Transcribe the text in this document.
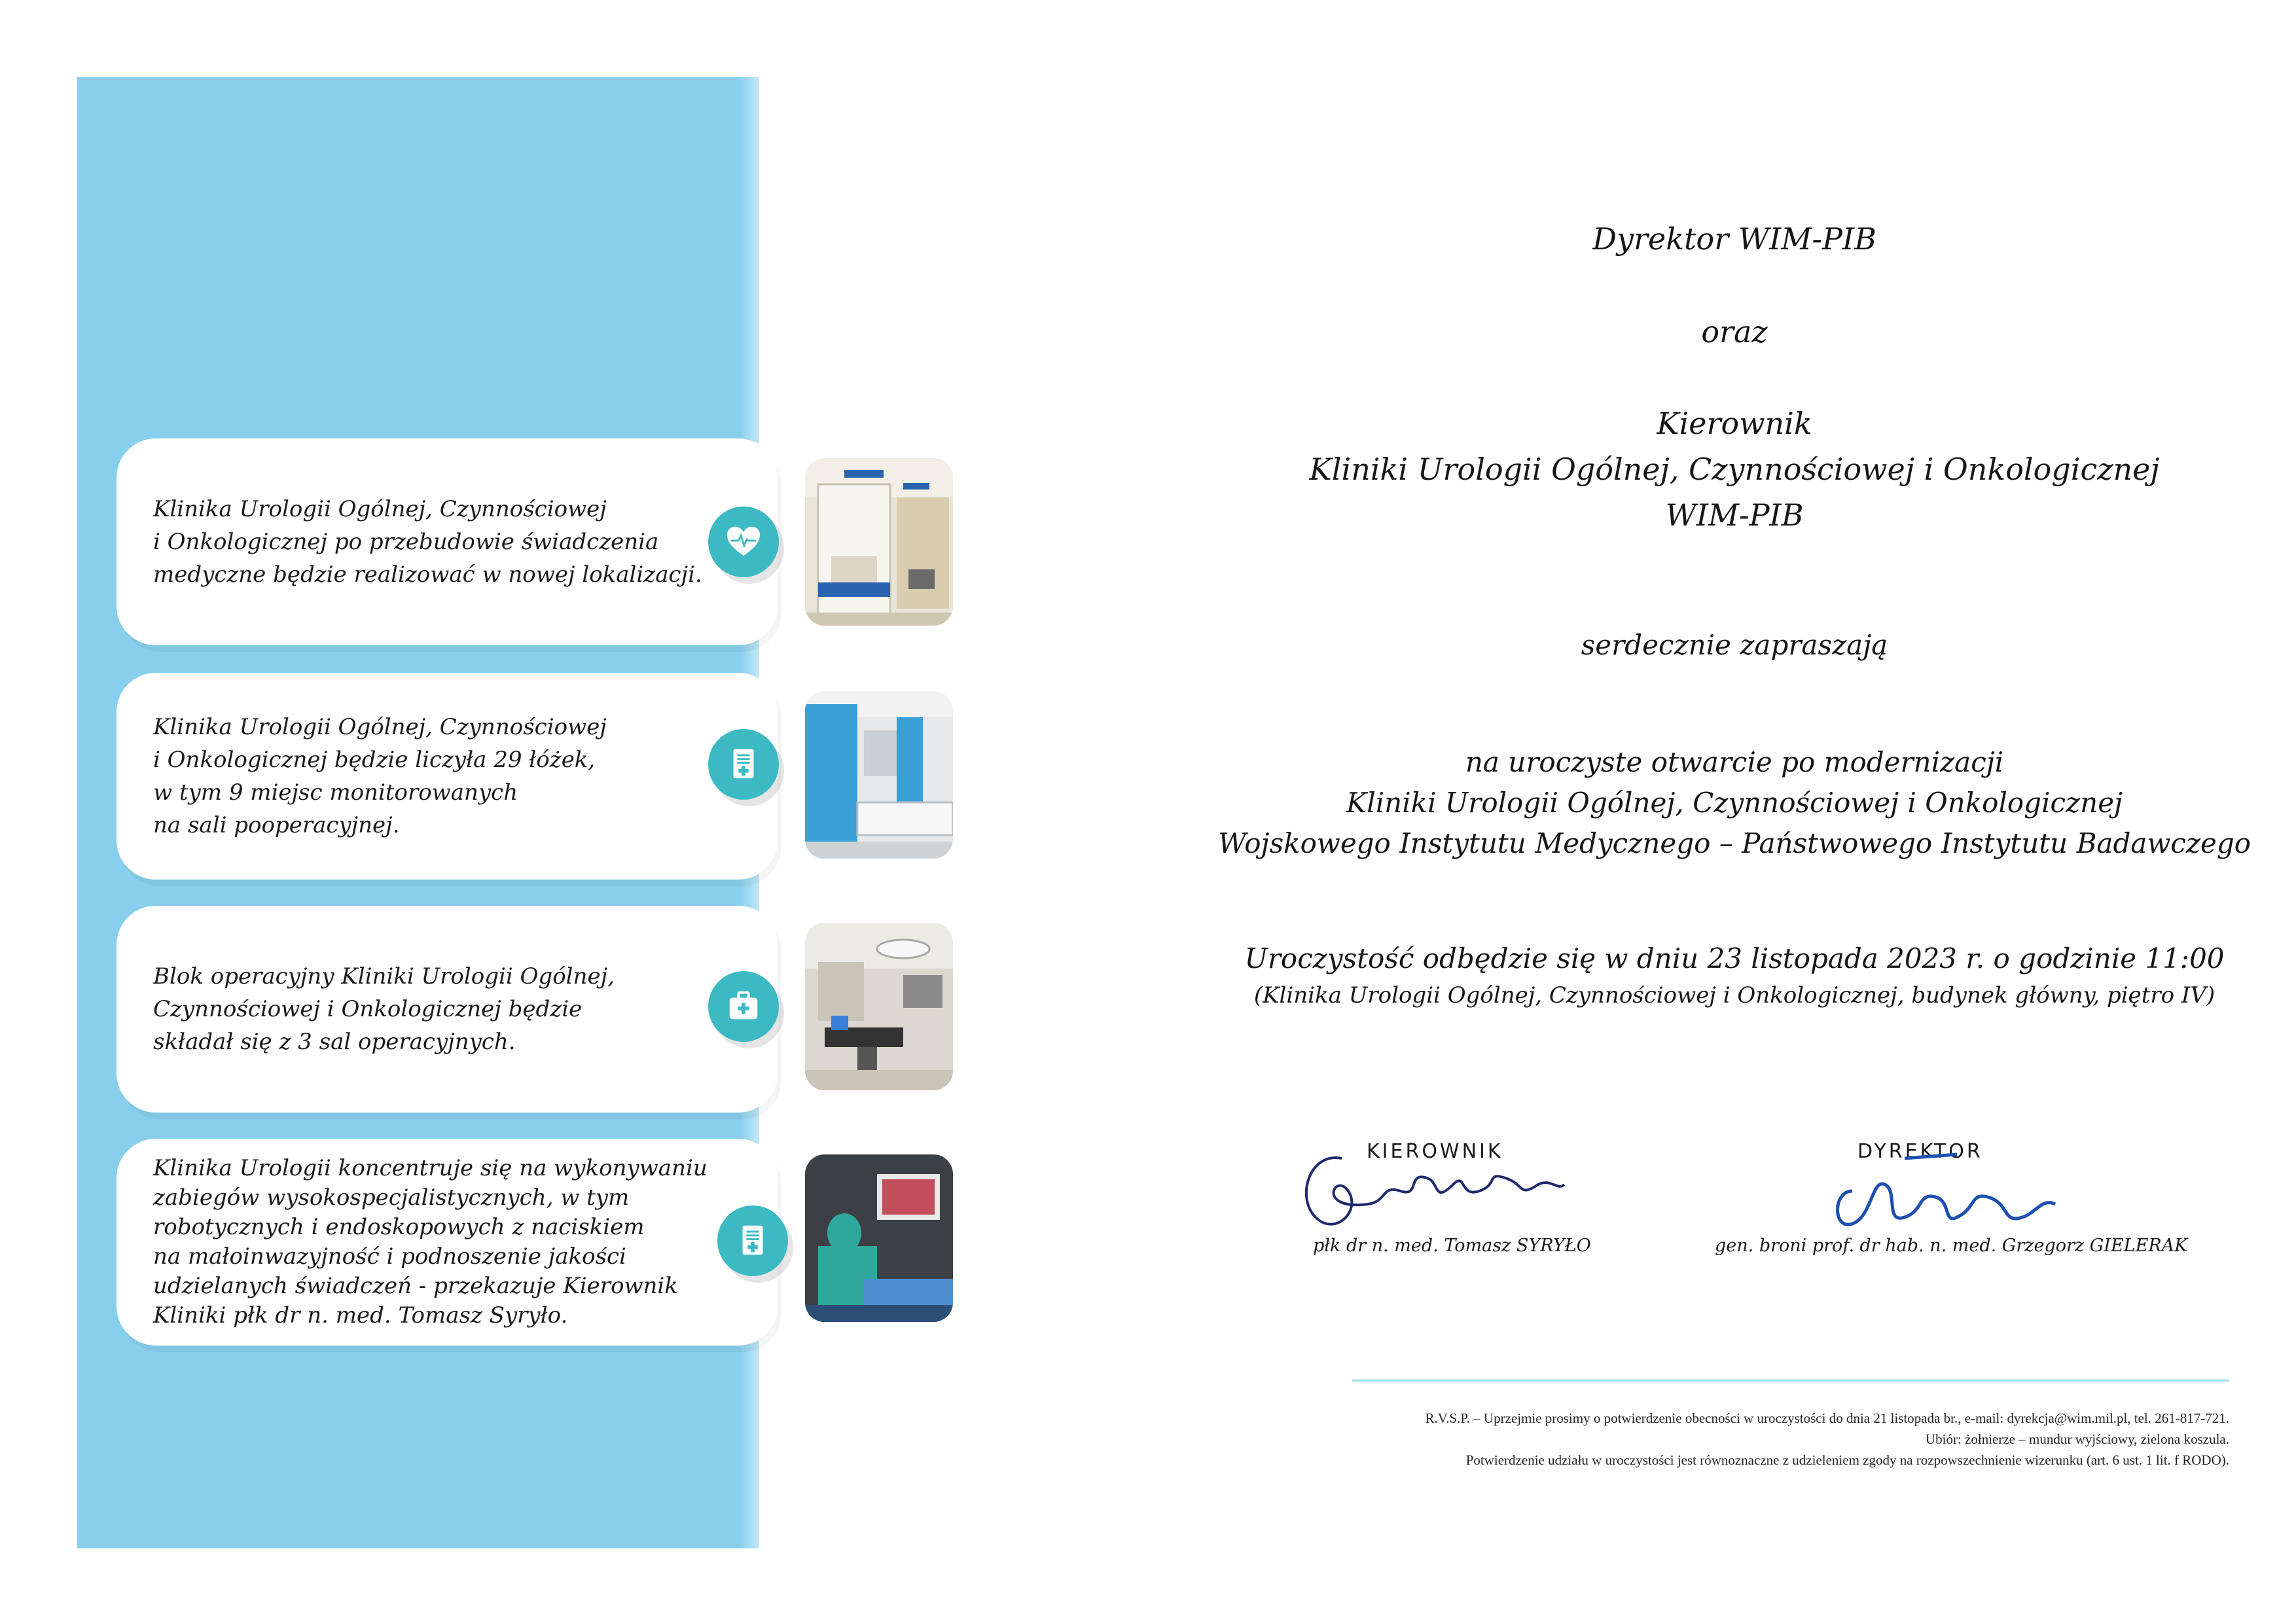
Klinika Urologii Ogólnej, Czynnościowej
i Onkologicznej po przebudowie świadczenia
medyczne będzie realizować w nowej lokalizacji.
Klinika Urologii Ogólnej, Czynnościowej
i Onkologicznej będzie liczyła 29 łóżek,
w tym 9 miejsc monitorowanych
na sali pooperacyjnej.
Blok operacyjny Kliniki Urologii Ogólnej,
Czynnościowej i Onkologicznej będzie
składał się z 3 sal operacyjnych.
Klinika Urologii koncentruje się na wykonywaniu
zabiegów wysokospecjalistycznych, w tym
robotycznych i endoskopowych z naciskiem
na małoinwazyjność i podnoszenie jakości
udzielanych świadczeń - przekazuje Kierownik
Kliniki płk dr n. med. Tomasz Syryło.
Dyrektor WIM-PIB
oraz
Kierownik
Kliniki Urologii Ogólnej, Czynnościowej i Onkologicznej
WIM-PIB
serdecznie zapraszają
na uroczyste otwarcie po modernizacji
Kliniki Urologii Ogólnej, Czynnościowej i Onkologicznej
Wojskowego Instytutu Medycznego – Państwowego Instytutu Badawczego
Uroczystość odbędzie się w dniu 23 listopada 2023 r. o godzinie 11:00
(Klinika Urologii Ogólnej, Czynnościowej i Onkologicznej, budynek główny, piętro IV)
KIEROWNIK
płk dr n. med. Tomasz SYRYŁO
DYREKTOR
gen. broni prof. dr hab. n. med. Grzegorz GIELERAK
R.V.S.P. – Uprzejmie prosimy o potwierdzenie obecności w uroczystości do dnia 21 listopada br., e-mail: dyrekcja@wim.mil.pl, tel. 261-817-721.
Ubiór: żołnierze – mundur wyjściowy, zielona koszula.
Potwierdzenie udziału w uroczystości jest równoznaczne z udzieleniem zgody na rozpowszechnienie wizerunku (art. 6 ust. 1 lit. f RODO).
